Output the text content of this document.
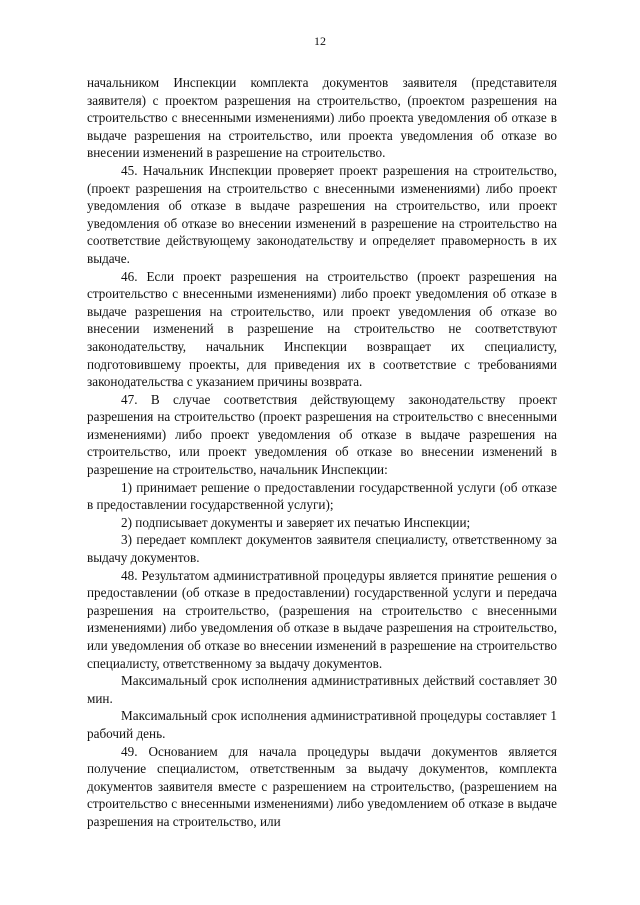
12

начальником Инспекции комплекта документов заявителя (представителя заявителя) с проектом разрешения на строительство, (проектом разрешения на строительство с внесенными изменениями) либо проекта уведомления об отказе в выдаче разрешения на строительство, или проекта уведомления об отказе во внесении изменений в разрешение на строительство.

45. Начальник Инспекции проверяет проект разрешения на строительство, (проект разрешения на строительство с внесенными изменениями) либо проект уведомления об отказе в выдаче разрешения на строительство, или проект уведомления об отказе во внесении изменений в разрешение на строительство на соответствие действующему законодательству и определяет правомерность в их выдаче.

46. Если проект разрешения на строительство (проект разрешения на строительство с внесенными изменениями) либо проект уведомления об отказе в выдаче разрешения на строительство, или проект уведомления об отказе во внесении изменений в разрешение на строительство не соответствуют законодательству, начальник Инспекции возвращает их специалисту, подготовившему проекты, для приведения их в соответствие с требованиями законодательства с указанием причины возврата.

47. В случае соответствия действующему законодательству проект разрешения на строительство (проект разрешения на строительство с внесенными изменениями) либо проект уведомления об отказе в выдаче разрешения на строительство, или проект уведомления об отказе во внесении изменений в разрешение на строительство, начальник Инспекции:

1) принимает решение о предоставлении государственной услуги (об отказе в предоставлении государственной услуги);

2) подписывает документы и заверяет их печатью Инспекции;

3) передает комплект документов заявителя специалисту, ответственному за выдачу документов.

48. Результатом административной процедуры является принятие решения о предоставлении (об отказе в предоставлении) государственной услуги и передача разрешения на строительство, (разрешения на строительство с внесенными изменениями) либо уведомления об отказе в выдаче разрешения на строительство, или уведомления об отказе во внесении изменений в разрешение на строительство специалисту, ответственному за выдачу документов.

Максимальный срок исполнения административных действий составляет 30 мин.

Максимальный срок исполнения административной процедуры составляет 1 рабочий день.

49. Основанием для начала процедуры выдачи документов является получение специалистом, ответственным за выдачу документов, комплекта документов заявителя вместе с разрешением на строительство, (разрешением на строительство с внесенными изменениями) либо уведомлением об отказе в выдаче разрешения на строительство, или
